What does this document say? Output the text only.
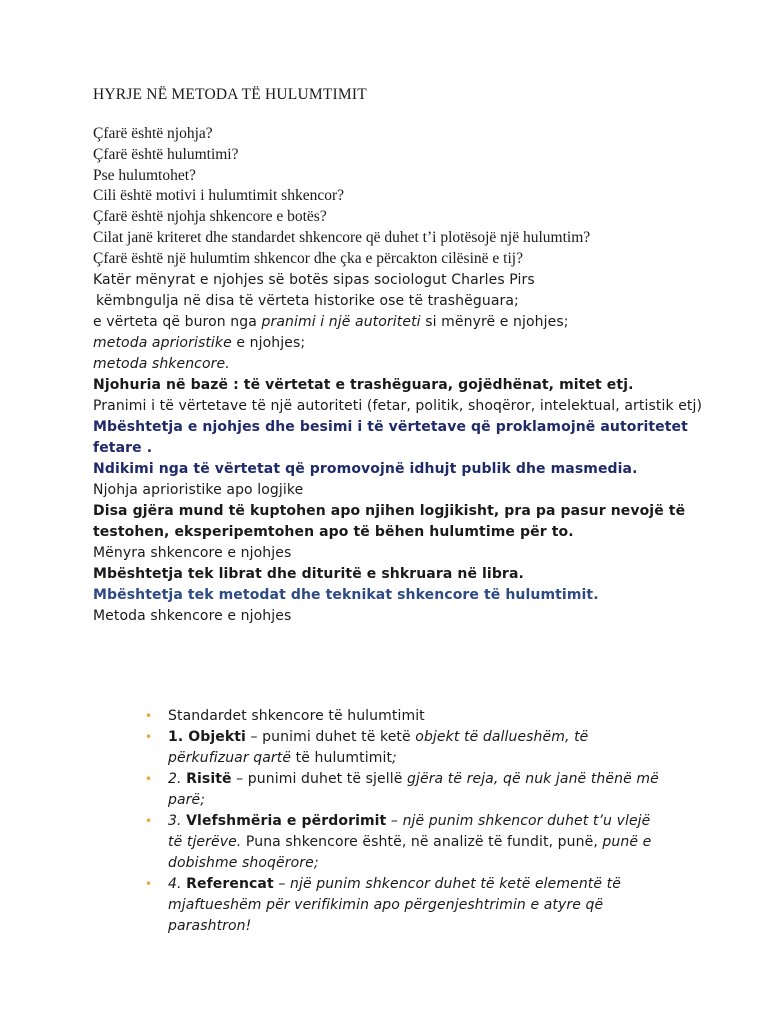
HYRJE NË METODA TË HULUMTIMIT
Çfarë është njohja?
Çfarë është hulumtimi?
Pse hulumtohet?
Cili është motivi i hulumtimit shkencor?
Çfarë është njohja shkencore e botës?
Cilat janë kriteret dhe standardet shkencore që duhet t’i plotësojë një hulumtim?
Çfarë është një hulumtim shkencor dhe çka e përcakton cilësinë e tij?
Katër mënyrat e njohjes së botës sipas sociologut Charles Pirs
këmbngulja në disa të vërteta historike ose të trashëguara;
e vërteta që buron nga pranimi i një autoriteti si mënyrë e njohjes;
metoda aprioristike e njohjes;
metoda shkencore.
Njohuria në bazë : të vërtetat e trashëguara, gojëdhënat, mitet etj.
Pranimi i të vërtetave të një autoriteti (fetar, politik, shoqëror, intelektual, artistik etj)
Mbështetja e njohjes dhe besimi i të vërtetave që proklamojnë autoritetet fetare .
Ndikimi nga të vërtetat që promovojnë idhujt publik dhe masmedia.
Njohja aprioristike apo logjike
Disa gjëra mund të kuptohen apo njihen logjikisht, pra pa pasur nevojë të testohen, eksperipemtohen apo të bëhen hulumtime për to.
Mënyra shkencore e njohjes
Mbështetja tek librat dhe dituritë e shkruara në libra.
Mbështetja tek metodat dhe teknikat shkencore të hulumtimit.
Metoda shkencore e njohjes
• Standardet shkencore të hulumtimit
• 1. Objekti – punimi duhet të ketë objekt të dallueshëm, të përkufizuar qartë të hulumtimit;
• 2. Risitë – punimi duhet të sjellë gjëra të reja, që nuk janë thënë më parë;
• 3. Vlefshmëria e përdorimit – një punim shkencor duhet t’u vlejë të tjerëve. Puna shkencore është, në analizë të fundit, punë, punë e dobishme shoqërore;
• 4. Referencat – një punim shkencor duhet të ketë elementë të mjaftueshëm për verifikimin apo përgenjeshtrimin e atyre që parashtron!
